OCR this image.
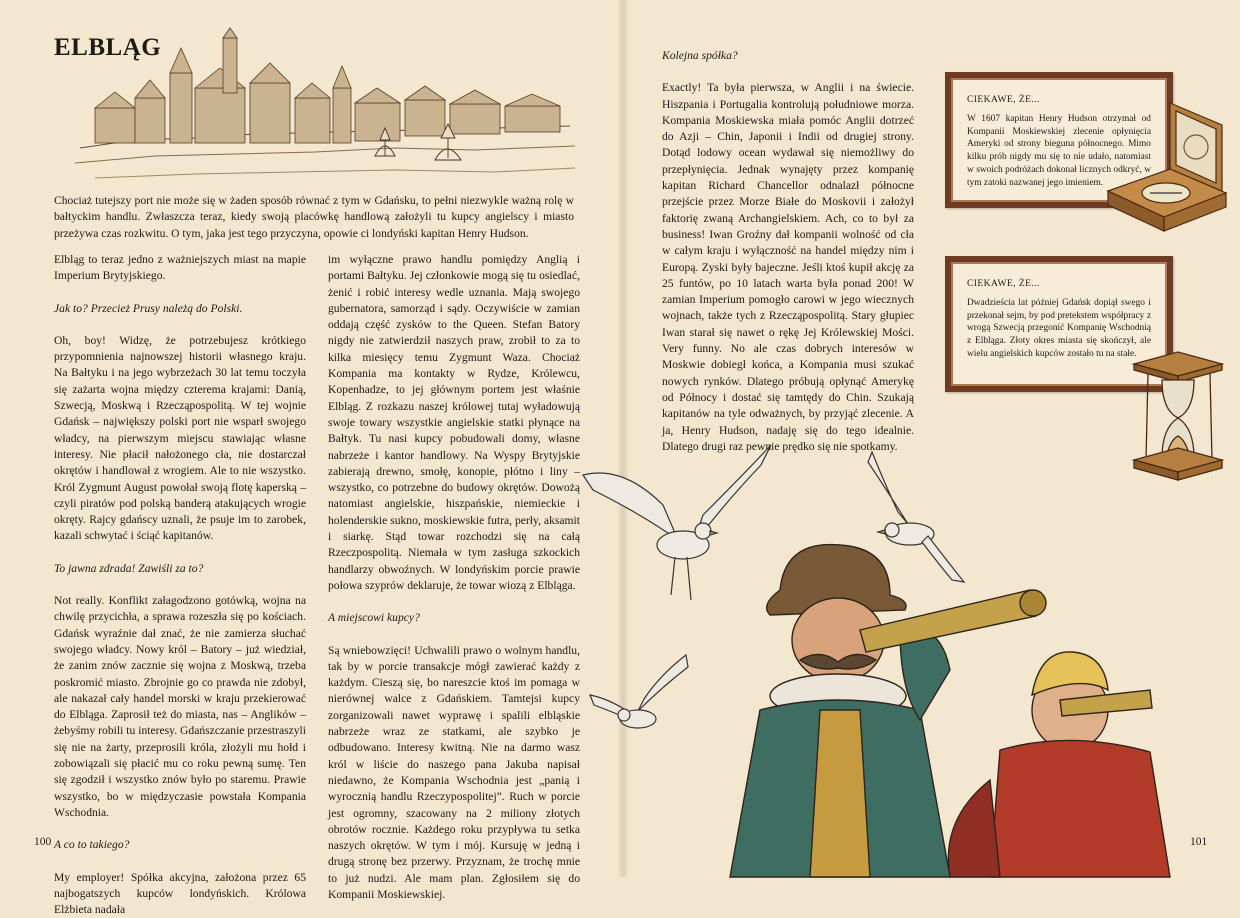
ELBLĄG

Chociaż tutejszy port nie może się w żaden sposób równać z tym w Gdańsku, to pełni niezwykle ważną rolę w bałtyckim handlu. Zwłaszcza teraz, kiedy swoją placówkę handlową założyli tu kupcy angielscy i miasto przeżywa czas rozkwitu. O tym, jaka jest tego przyczyna, opowie ci londyński kapitan Henry Hudson.

Elbląg to teraz jedno z ważniejszych miast na mapie Imperium Brytyjskiego.

Jak to? Przecież Prusy należą do Polski.

Oh, boy! Widzę, że potrzebujesz krótkiego przypomnienia najnowszej historii własnego kraju. Na Bałtyku i na jego wybrzeżach 30 lat temu toczyła się zażarta wojna między czterema krajami: Danią, Szwecją, Moskwą i Rzecząpospolitą. W tej wojnie Gdańsk – największy polski port nie wsparł swojego władcy, na pierwszym miejscu stawiając własne interesy. Nie płacił nałożonego cła, nie dostarczał okrętów i handlował z wrogiem. Ale to nie wszystko. Król Zygmunt August powołał swoją flotę kaperską – czyli piratów pod polską banderą atakujących wrogie okręty. Rajcy gdańscy uznali, że psuje im to zarobek, kazali schwytać i ściąć kapitanów.

To jawna zdrada! Zawiśli za to?

Not really. Konflikt załagodzono gotówką, wojna na chwilę przycichła, a sprawa rozeszła się po kościach. Gdańsk wyraźnie dał znać, że nie zamierza słuchać swojego władcy. Nowy król – Batory – już wiedział, że zanim znów zacznie się wojna z Moskwą, trzeba poskromić miasto. Zbrojnie go co prawda nie zdobył, ale nakazał cały handel morski w kraju przekierować do Elbląga. Zaprosił też do miasta, nas – Anglików – żebyśmy robili tu interesy. Gdańszczanie przestraszyli się nie na żarty, przeprosili króla, złożyli mu hołd i zobowiązali się płacić mu co roku pewną sumę. Ten się zgodził i wszystko znów było po staremu. Prawie wszystko, bo w międzyczasie powstała Kompania Wschodnia.

A co to takiego?

My employer! Spółka akcyjna, założona przez 65 najbogatszych kupców londyńskich. Królowa Elżbieta nadała

im wyłączne prawo handlu pomiędzy Anglią i portami Bałtyku. Jej członkowie mogą się tu osiedlać, żenić i robić interesy wedle uznania. Mają swojego gubernatora, samorząd i sądy. Oczywiście w zamian oddają część zysków to the Queen. Stefan Batory nigdy nie zatwierdził naszych praw, zrobił to za to kilka miesięcy temu Zygmunt Waza. Chociaż Kompania ma kontakty w Rydze, Królewcu, Kopenhadze, to jej głównym portem jest właśnie Elbląg. Z rozkazu naszej królowej tutaj wyładowują swoje towary wszystkie angielskie statki płynące na Bałtyk. Tu nasi kupcy pobudowali domy, własne nabrzeże i kantor handlowy. Na Wyspy Brytyjskie zabierają drewno, smołę, konopie, płótno i liny – wszystko, co potrzebne do budowy okrętów. Dowożą natomiast angielskie, hiszpańskie, niemieckie i holenderskie sukno, moskiewskie futra, perły, aksamit i siarkę. Stąd towar rozchodzi się na całą Rzeczpospolitą. Niemała w tym zasługa szkockich handlarzy obwoźnych. W londyńskim porcie prawie połowa szyprów deklaruje, że towar wiozą z Elbląga.

A miejscowi kupcy?

Są wniebowzięci! Uchwalili prawo o wolnym handlu, tak by w porcie transakcje mógł zawierać każdy z każdym. Cieszą się, bo nareszcie ktoś im pomaga w nierównej walce z Gdańskiem. Tamtejsi kupcy zorganizowali nawet wyprawę i spalili elbląskie nabrzeże wraz ze statkami, ale szybko je odbudowano. Interesy kwitną. Nie na darmo wasz król w liście do naszego pana Jakuba napisał niedawno, że Kompania Wschodnia jest „panią i wyrocznią handlu Rzeczypospolitej”. Ruch w porcie jest ogromny, szacowany na 2 miliony złotych obrotów rocznie. Każdego roku przypływa tu setka naszych okrętów. W tym i mój. Kursuję w jedną i drugą stronę bez przerwy. Przyznam, że trochę mnie to już nudzi. Ale mam plan. Zgłosiłem się do Kompanii Moskiewskiej.

Kolejna spółka?

Exactly! Ta była pierwsza, w Anglii i na świecie. Hiszpania i Portugalia kontrolują południowe morza. Kompania Moskiewska miała pomóc Anglii dotrzeć do Azji – Chin, Japonii i Indii od drugiej strony. Dotąd lodowy ocean wydawał się niemożliwy do przepłynięcia. Jednak wynajęty przez kompanię kapitan Richard Chancellor odnalazł północne przejście przez Morze Białe do Moskovii i założył faktorię zwaną Archangielskiem. Ach, co to był za business! Iwan Groźny dał kompanii wolność od cła w całym kraju i wyłączność na handel między nim i Europą. Zyski były bajeczne. Jeśli ktoś kupił akcję za 25 funtów, po 10 latach warta była ponad 200! W zamian Imperium pomogło carowi w jego wiecznych wojnach, także tych z Rzecząpospolitą. Stary głupiec Iwan starał się nawet o rękę Jej Królewskiej Mości. Very funny. No ale czas dobrych interesów w Moskwie dobiegł końca, a Kompania musi szukać nowych rynków. Dlatego próbują opłynąć Amerykę od Północy i dostać się tamtędy do Chin. Szukają kapitanów na tyle odważnych, by przyjąć zlecenie. A ja, Henry Hudson, nadaję się do tego idealnie. Dlatego drugi raz pewnie prędko się nie spotkamy.

CIEKAWE, ŻE...
W 1607 kapitan Henry Hudson otrzymał od Kompanii Moskiewskiej zlecenie opłynięcia Ameryki od strony bieguna północnego. Mimo kilku prób nigdy mu się to nie udało, natomiast w swoich podróżach dokonał licznych odkryć, w tym zatoki nazwanej jego imieniem.
CIEKAWE, ŻE...
Dwadzieścia lat później Gdańsk dopiął swego i przekonał sejm, by pod pretekstem współpracy z wrogą Szwecją przegonić Kompanię Wschodnią z Elbląga. Złoty okres miasta się skończył, ale wielu angielskich kupców zostało tu na stałe.
100	101
